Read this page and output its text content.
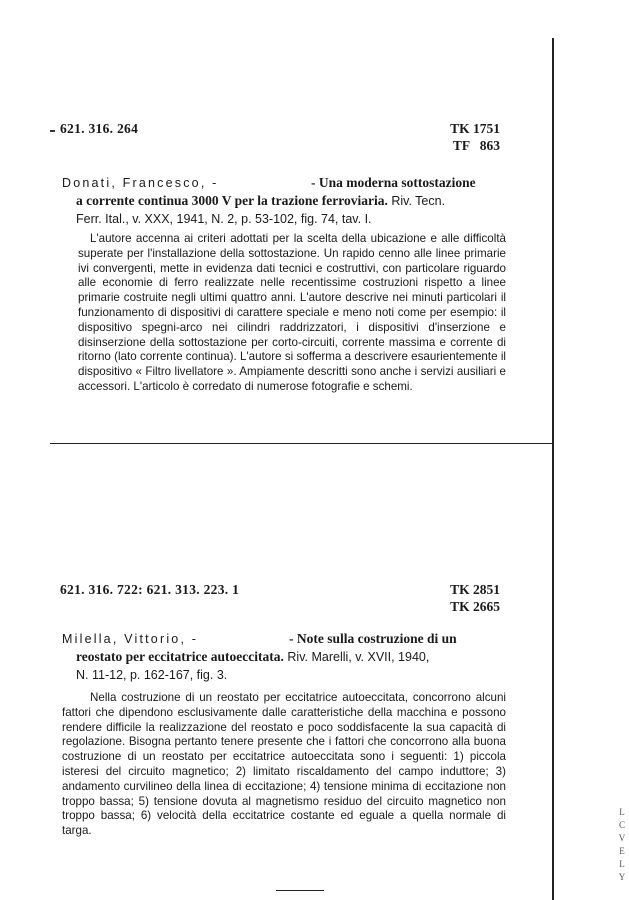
L
C
V
E
L
Y
621. 316. 264	TK 1751
TF   863
Donati, Francesco, -	- Una moderna sottostazione
a corrente continua 3000 V per la trazione ferroviaria. Riv. Tecn.
Ferr. Ital., v. XXX, 1941, N. 2, p. 53-102, fig. 74, tav. I.
L'autore accenna ai criteri adottati per la scelta della ubicazione e alle difficoltà superate per l'installazione della sottostazione. Un rapido cenno alle linee primarie ivi convergenti, mette in evidenza dati tecnici e costruttivi, con particolare riguardo alle economie di ferro realizzate nelle recentissime costruzioni rispetto a linee primarie costruite negli ultimi quattro anni. L'autore descrive nei minuti particolari il funzionamento di dispositivi di carattere speciale e meno noti come per esempio: il dispositivo spegni-arco nei cilindri raddrizzatori, i dispositivi d'inserzione e disinserzione della sottostazione per corto-circuiti, corrente massima e corrente di ritorno (lato corrente continua). L'autore si sofferma a descrivere esaurientemente il dispositivo « Filtro livellatore ». Ampiamente descritti sono anche i servizi ausiliari e accessori. L'articolo è corredato di numerose fotografie e schemi.
621. 316. 722: 621. 313. 223. 1	TK 2851
TK 2665
Milella, Vittorio, -	- Note sulla costruzione di un
reostato per eccitatrice autoeccitata. Riv. Marelli, v. XVII, 1940,
N. 11-12, p. 162-167, fig. 3.
Nella costruzione di un reostato per eccitatrice autoeccitata, concorrono alcuni fattori che dipendono esclusivamente dalle caratteristiche della macchina e possono rendere difficile la realizzazione del reostato e poco soddisfacente la sua capacità di regolazione. Bisogna pertanto tenere presente che i fattori che concorrono alla buona costruzione di un reostato per eccitatrice autoeccitata sono i seguenti: 1) piccola isteresi del circuito magnetico; 2) limitato riscaldamento del campo induttore; 3) andamento curvilineo della linea di eccitazione; 4) tensione minima di eccitazione non troppo bassa; 5) tensione dovuta al magnetismo residuo del circuito magnetico non troppo bassa; 6) velocità della eccitatrice costante ed eguale a quella normale di targa.
